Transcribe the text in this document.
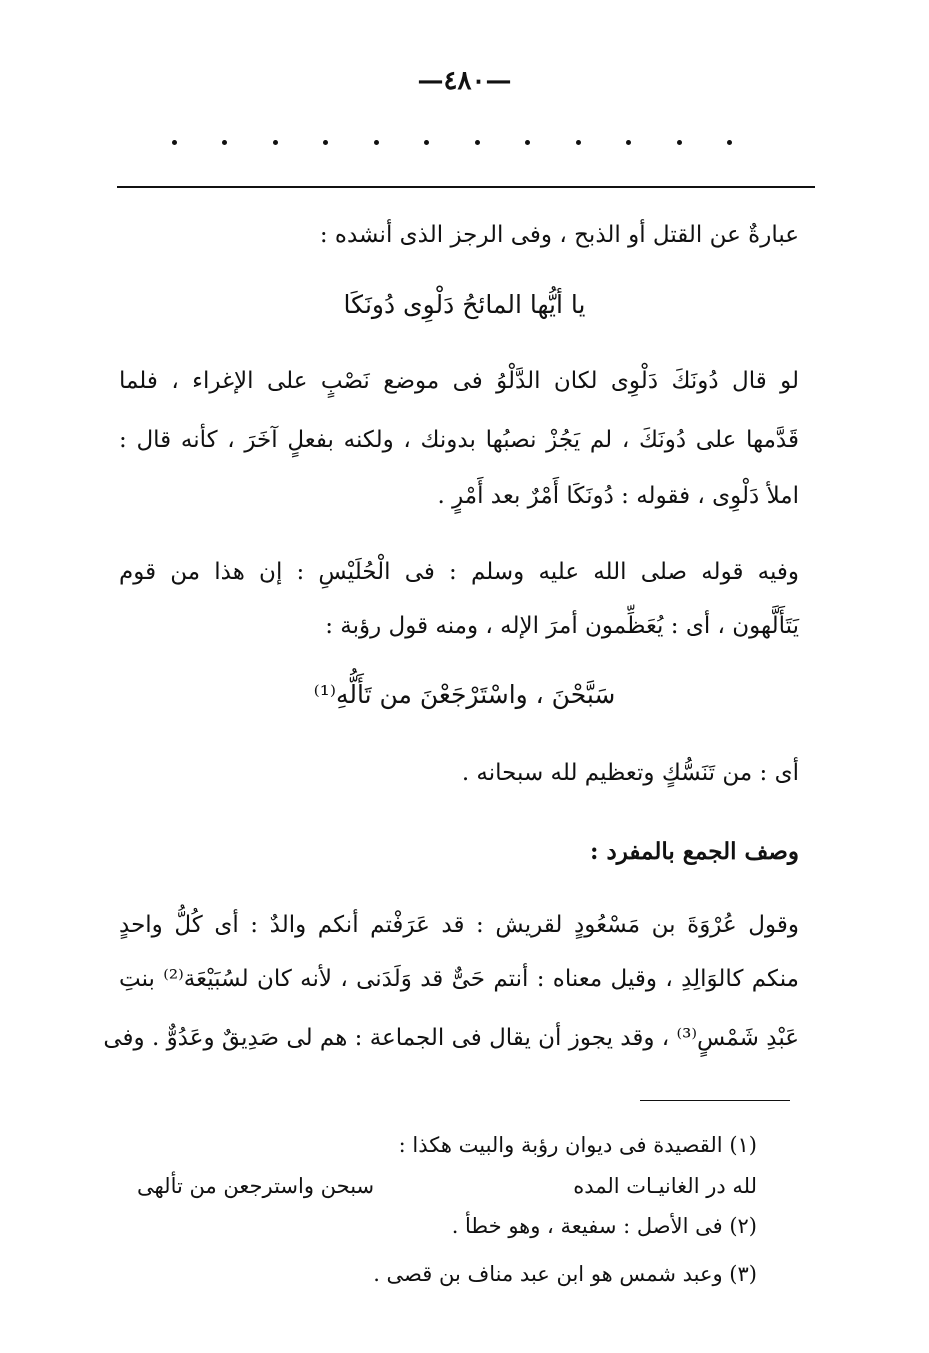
—٤٨٠—
عبارةٌ عن القتل أو الذبح ، وفى الرجز الذى أنشده :
يا أيُّها المائحُ دَلْوِى دُونَكَا
لو قال دُونَكَ دَلْوِى لكان الدَّلْوُ فى موضع نَصْبٍ على الإغراء ، فلما
قَدَّمها على دُونَكَ ، لم يَجُزْ نصبُها بدونك ، ولكنه بفعلٍ آخَرَ ، كأنه قال :
املأ دَلْوِى ، فقوله : دُونَكَا أَمْرٌ بعد أَمْرٍ .
وفيه قوله صلى الله عليه وسلم : فى الْحُلَيْسِ : إن هذا من قوم
يَتَأَلَّهون ، أى : يُعَظِّمون أمرَ الإله ، ومنه قول رؤبة :
سَبَّحْنَ ، واسْتَرْجَعْنَ من تَأَلُّهِ⁽¹⁾
أى : من تَنَسُّكٍ وتعظيم لله سبحانه .
وصف الجمع بالمفرد :
وقول عُرْوَةَ بن مَسْعُودٍ لقريش : قد عَرَفْتم أنكم والدٌ : أى كُلُّ واحدٍ
منكم كالوَالِدِ ، وقيل معناه : أنتم حَىٌّ قد وَلَدَنى ، لأنه كان لسُبَيْعَة⁽²⁾ بنتِ
عَبْدِ شَمْسٍ⁽³⁾ ، وقد يجوز أن يقال فى الجماعة : هم لى صَدِيقٌ وعَدُوٌّ . وفى
(١) القصيدة فى ديوان رؤبة والبيت هكذا :
لله در الغانيـات المده
سبحن واسترجعن من تألهى
(٢) فى الأصل : سفيعة ، وهو خطأ .
(٣) وعبد شمس هو ابن عبد مناف بن قصى .
